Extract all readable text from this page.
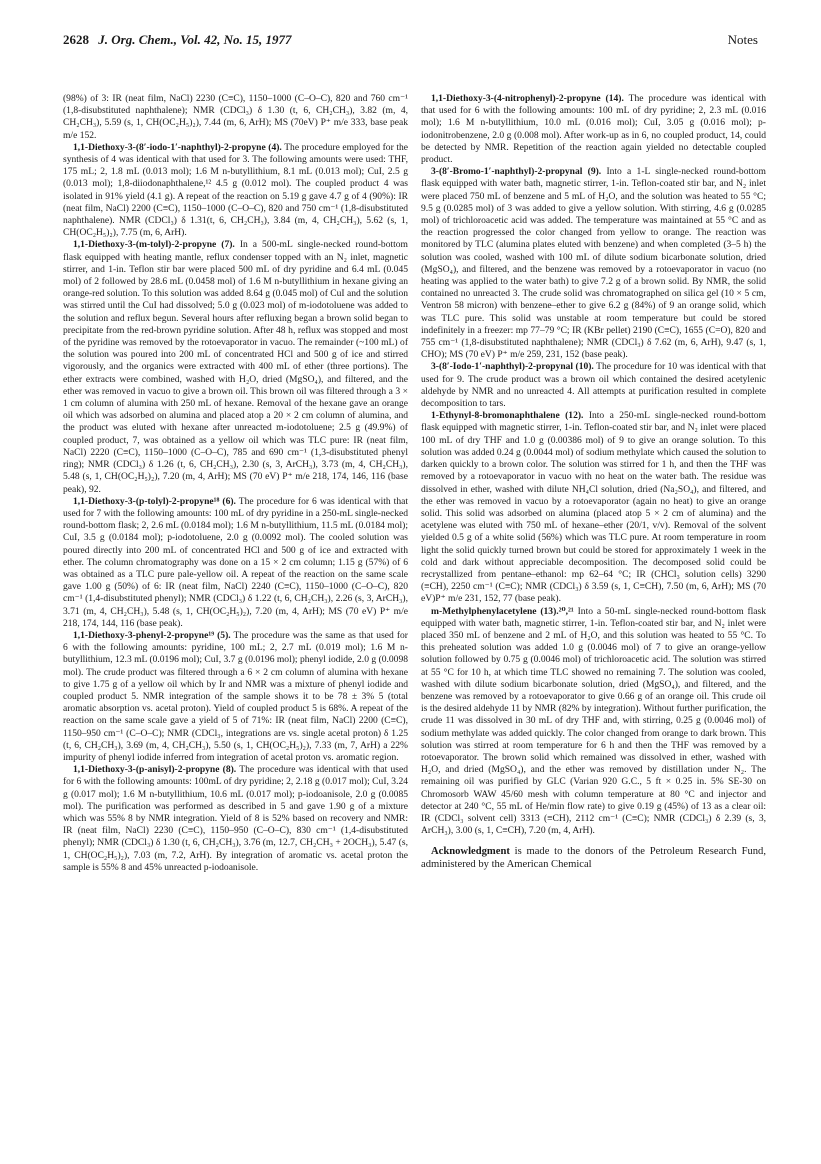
2628 J. Org. Chem., Vol. 42, No. 15, 1977	Notes

(98%) of 3: IR (neat film, NaCl) 2230 (C≡C), 1150–1000 (C–O–C), 820 and 760 cm⁻¹ (1,8-disubstituted naphthalene); NMR (CDCl₃) δ 1.30 (t, 6, CH₂CH₃), 3.82 (m, 4, CH₂CH₃), 5.59 (s, 1, CH(OC₂H₅)₂), 7.44 (m, 6, ArH); MS (70eV) P⁺ m/e 333, base peak m/e 152.

1,1-Diethoxy-3-(8′-iodo-1′-naphthyl)-2-propyne (4). The procedure employed for the synthesis of 4 was identical with that used for 3. The following amounts were used: THF, 175 mL; 2, 1.8 mL (0.013 mol); 1.6 M n-butyllithium, 8.1 mL (0.013 mol); CuI, 2.5 g (0.013 mol); 1,8-diiodonaphthalene,¹² 4.5 g (0.012 mol). The coupled product 4 was isolated in 91% yield (4.1 g). A repeat of the reaction on 5.19 g gave 4.7 g of 4 (90%): IR (neat film, NaCl) 2200 (C≡C), 1150–1000 (C–O–C), 820 and 750 cm⁻¹ (1,8-disubstituted naphthalene). NMR (CDCl₃) δ 1.31(t, 6, CH₂CH₃), 3.84 (m, 4, CH₂CH₃), 5.62 (s, 1, CH(OC₂H₅)₂), 7.75 (m, 6, ArH).

1,1-Diethoxy-3-(m-tolyl)-2-propyne (7). In a 500-mL single-necked round-bottom flask equipped with heating mantle, reflux condenser topped with an N₂ inlet, magnetic stirrer, and 1-in. Teflon stir bar were placed 500 mL of dry pyridine and 6.4 mL (0.045 mol) of 2 followed by 28.6 mL (0.0458 mol) of 1.6 M n-butyllithium in hexane giving an orange-red solution. To this solution was added 8.64 g (0.045 mol) of CuI and the solution was stirred until the CuI had dissolved; 5.0 g (0.023 mol) of m-iodotoluene was added to the solution and reflux begun. Several hours after refluxing began a brown solid began to precipitate from the red-brown pyridine solution. After 48 h, reflux was stopped and most of the pyridine was removed by the rotoevaporator in vacuo. The remainder (~100 mL) of the solution was poured into 200 mL of concentrated HCl and 500 g of ice and stirred vigorously, and the organics were extracted with 400 mL of ether (three portions). The ether extracts were combined, washed with H₂O, dried (MgSO₄), and filtered, and the ether was removed in vacuo to give a brown oil. This brown oil was filtered through a 3 × 1 cm column of alumina with 250 mL of hexane. Removal of the hexane gave an orange oil which was adsorbed on alumina and placed atop a 20 × 2 cm column of alumina, and the product was eluted with hexane after unreacted m-iodotoluene; 2.5 g (49.9%) of coupled product, 7, was obtained as a yellow oil which was TLC pure: IR (neat film, NaCl) 2220 (C≡C), 1150–1000 (C–O–C), 785 and 690 cm⁻¹ (1,3-disubstituted phenyl ring); NMR (CDCl₃) δ 1.26 (t, 6, CH₂CH₃), 2.30 (s, 3, ArCH₃), 3.73 (m, 4, CH₂CH₃), 5.48 (s, 1, CH(OC₂H₅)₂), 7.20 (m, 4, ArH); MS (70 eV) P⁺ m/e 218, 174, 146, 116 (base peak), 92.

1,1-Diethoxy-3-(p-tolyl)-2-propyne¹⁸ (6). The procedure for 6 was identical with that used for 7 with the following amounts: 100 mL of dry pyridine in a 250-mL single-necked round-bottom flask; 2, 2.6 mL (0.0184 mol); 1.6 M n-butyllithium, 11.5 mL (0.0184 mol); CuI, 3.5 g (0.0184 mol); p-iodotoluene, 2.0 g (0.0092 mol). The cooled solution was poured directly into 200 mL of concentrated HCl and 500 g of ice and extracted with ether. The column chromatography was done on a 15 × 2 cm column; 1.15 g (57%) of 6 was obtained as a TLC pure pale-yellow oil. A repeat of the reaction on the same scale gave 1.00 g (50%) of 6: IR (neat film, NaCl) 2240 (C≡C), 1150–1000 (C–O–C), 820 cm⁻¹ (1,4-disubstituted phenyl); NMR (CDCl₃) δ 1.22 (t, 6, CH₂CH₃), 2.26 (s, 3, ArCH₃), 3.71 (m, 4, CH₂CH₃), 5.48 (s, 1, CH(OC₂H₅)₂), 7.20 (m, 4, ArH); MS (70 eV) P⁺ m/e 218, 174, 144, 116 (base peak).

1,1-Diethoxy-3-phenyl-2-propyne¹⁹ (5). The procedure was the same as that used for 6 with the following amounts: pyridine, 100 mL; 2, 2.7 mL (0.019 mol); 1.6 M n-butyllithium, 12.3 mL (0.0196 mol); CuI, 3.7 g (0.0196 mol); phenyl iodide, 2.0 g (0.0098 mol). The crude product was filtered through a 6 × 2 cm column of alumina with hexane to give 1.75 g of a yellow oil which by Ir and NMR was a mixture of phenyl iodide and coupled product 5. NMR integration of the sample shows it to be 78 ± 3% 5 (total aromatic absorption vs. acetal proton). Yield of coupled product 5 is 68%. A repeat of the reaction on the same scale gave a yield of 5 of 71%: IR (neat film, NaCl) 2200 (C≡C), 1150–950 cm⁻¹ (C–O–C); NMR (CDCl₃, integrations are vs. single acetal proton) δ 1.25 (t, 6, CH₂CH₃), 3.69 (m, 4, CH₂CH₃), 5.50 (s, 1, CH(OC₂H₅)₂), 7.33 (m, 7, ArH) a 22% impurity of phenyl iodide inferred from integration of acetal proton vs. aromatic region.

1,1-Diethoxy-3-(p-anisyl)-2-propyne (8). The procedure was identical with that used for 6 with the following amounts: 100mL of dry pyridine; 2, 2.18 g (0.017 mol); CuI, 3.24 g (0.017 mol); 1.6 M n-butyllithium, 10.6 mL (0.017 mol); p-iodoanisole, 2.0 g (0.0085 mol). The purification was performed as described in 5 and gave 1.90 g of a mixture which was 55% 8 by NMR integration. Yield of 8 is 52% based on recovery and NMR: IR (neat film, NaCl) 2230 (C≡C), 1150–950 (C–O–C), 830 cm⁻¹ (1,4-disubstituted phenyl); NMR (CDCl₃) δ 1.30 (t, 6, CH₂CH₃), 3.76 (m, 12.7, CH₂CH₃ + 2OCH₃), 5.47 (s, 1, CH(OC₂H₅)₂), 7.03 (m, 7.2, ArH). By integration of aromatic vs. acetal proton the sample is 55% 8 and 45% unreacted p-iodoanisole.

1,1-Diethoxy-3-(4-nitrophenyl)-2-propyne (14). The procedure was identical with that used for 6 with the following amounts: 100 mL of dry pyridine; 2, 2.3 mL (0.016 mol); 1.6 M n-butyllithium, 10.0 mL (0.016 mol); CuI, 3.05 g (0.016 mol); p-iodonitrobenzene, 2.0 g (0.008 mol). After work-up as in 6, no coupled product, 14, could be detected by NMR. Repetition of the reaction again yielded no detectable coupled product.

3-(8′-Bromo-1′-naphthyl)-2-propynal (9). Into a 1-L single-necked round-bottom flask equipped with water bath, magnetic stirrer, 1-in. Teflon-coated stir bar, and N₂ inlet were placed 750 mL of benzene and 5 mL of H₂O, and the solution was heated to 55 °C; 9.5 g (0.0285 mol) of 3 was added to give a yellow solution. With stirring, 4.6 g (0.0285 mol) of trichloroacetic acid was added. The temperature was maintained at 55 °C and as the reaction progressed the color changed from yellow to orange. The reaction was monitored by TLC (alumina plates eluted with benzene) and when completed (3–5 h) the solution was cooled, washed with 100 mL of dilute sodium bicarbonate solution, dried (MgSO₄), and filtered, and the benzene was removed by a rotoevaporator in vacuo (no heating was applied to the water bath) to give 7.2 g of a brown solid. By NMR, the solid contained no unreacted 3. The crude solid was chromatographed on silica gel (10 × 5 cm, Ventron 58 micron) with benzene–ether to give 6.2 g (84%) of 9 an orange solid, which was TLC pure. This solid was unstable at room temperature but could be stored indefinitely in a freezer: mp 77–79 °C; IR (KBr pellet) 2190 (C≡C), 1655 (C=O), 820 and 755 cm⁻¹ (1,8-disubstituted naphthalene); NMR (CDCl₃) δ 7.62 (m, 6, ArH), 9.47 (s, 1, CHO); MS (70 eV) P⁺ m/e 259, 231, 152 (base peak).

3-(8′-Iodo-1′-naphthyl)-2-propynal (10). The procedure for 10 was identical with that used for 9. The crude product was a brown oil which contained the desired acetylenic aldehyde by NMR and no unreacted 4. All attempts at purification resulted in complete decomposition to tars.

1-Ethynyl-8-bromonaphthalene (12). Into a 250-mL single-necked round-bottom flask equipped with magnetic stirrer, 1-in. Teflon-coated stir bar, and N₂ inlet were placed 100 mL of dry THF and 1.0 g (0.00386 mol) of 9 to give an orange solution. To this solution was added 0.24 g (0.0044 mol) of sodium methylate which caused the solution to darken quickly to a brown color. The solution was stirred for 1 h, and then the THF was removed by a rotoevaporator in vacuo with no heat on the water bath. The residue was dissolved in ether, washed with dilute NH₄Cl solution, dried (Na₂SO₄), and filtered, and the ether was removed in vacuo by a rotoevaporator (again no heat) to give an orange solid. This solid was adsorbed on alumina (placed atop 5 × 2 cm of alumina) and the acetylene was eluted with 750 mL of hexane–ether (20/1, v/v). Removal of the solvent yielded 0.5 g of a white solid (56%) which was TLC pure. At room temperature in room light the solid quickly turned brown but could be stored for approximately 1 week in the cold and dark without appreciable decomposition. The decomposed solid could be recrystallized from pentane–ethanol: mp 62–64 °C; IR (CHCl₃ solution cells) 3290 (≡CH), 2250 cm⁻¹ (C≡C); NMR (CDCl₃) δ 3.59 (s, 1, C≡CH), 7.50 (m, 6, ArH); MS (70 eV)P⁺ m/e 231, 152, 77 (base peak).

m-Methylphenylacetylene (13).²⁰,²¹ Into a 50-mL single-necked round-bottom flask equipped with water bath, magnetic stirrer, 1-in. Teflon-coated stir bar, and N₂ inlet were placed 350 mL of benzene and 2 mL of H₂O, and this solution was heated to 55 °C. To this preheated solution was added 1.0 g (0.0046 mol) of 7 to give an orange-yellow solution followed by 0.75 g (0.0046 mol) of trichloroacetic acid. The solution was stirred at 55 °C for 10 h, at which time TLC showed no remaining 7. The solution was cooled, washed with dilute sodium bicarbonate solution, dried (MgSO₄), and filtered, and the benzene was removed by a rotoevaporator to give 0.66 g of an orange oil. This crude oil is the desired aldehyde 11 by NMR (82% by integration). Without further purification, the crude 11 was dissolved in 30 mL of dry THF and, with stirring, 0.25 g (0.0046 mol) of sodium methylate was added quickly. The color changed from orange to dark brown. This solution was stirred at room temperature for 6 h and then the THF was removed by a rotoevaporator. The brown solid which remained was dissolved in ether, washed with H₂O, and dried (MgSO₄), and the ether was removed by distillation under N₂. The remaining oil was purified by GLC (Varian 920 G.C., 5 ft × 0.25 in. 5% SE-30 on Chromosorb WAW 45/60 mesh with column temperature at 80 °C and injector and detector at 240 °C, 55 mL of He/min flow rate) to give 0.19 g (45%) of 13 as a clear oil: IR (CDCl₃ solvent cell) 3313 (≡CH), 2112 cm⁻¹ (C≡C); NMR (CDCl₃) δ 2.39 (s, 3, ArCH₃), 3.00 (s, 1, C≡CH), 7.20 (m, 4, ArH).

Acknowledgment is made to the donors of the Petroleum Research Fund, administered by the American Chemical
